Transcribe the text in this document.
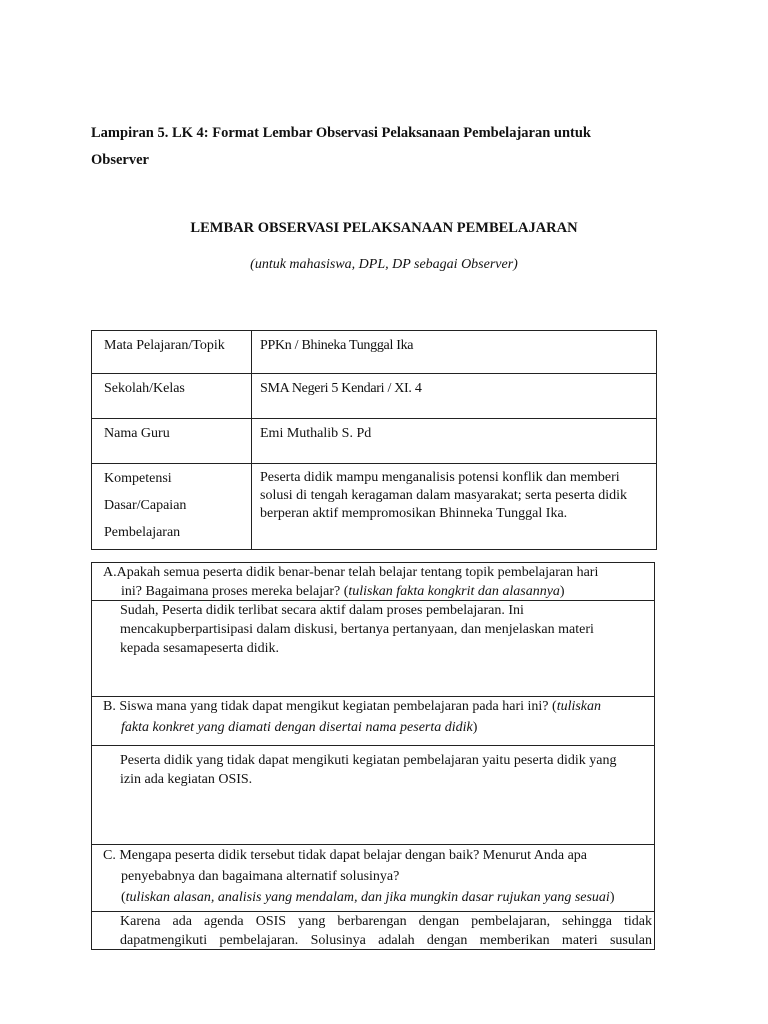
Lampiran 5. LK 4: Format Lembar Observasi Pelaksanaan Pembelajaran untuk
Observer
LEMBAR OBSERVASI PELAKSANAAN PEMBELAJARAN
(untuk mahasiswa, DPL, DP sebagai Observer)
Mata Pelajaran/Topik	PPKn / Bhineka Tunggal Ika
Sekolah/Kelas	SMA Negeri 5 Kendari / XI. 4
Nama Guru	Emi Muthalib S. Pd

Kompetensi
Dasar/Capaian
Pembelajaran	Peserta didik mampu menganalisis potensi konflik dan memberi solusi di tengah keragaman dalam masyarakat; serta peserta didik berperan aktif mempromosikan Bhinneka Tunggal Ika.
A.Apakah semua peserta didik benar-benar telah belajar tentang topik pembelajaran hari
ini? Bagaimana proses mereka belajar? (tuliskan fakta kongkrit dan alasannya)
Sudah, Peserta didik terlibat secara aktif dalam proses pembelajaran. Ini
mencakupberpartisipasi dalam diskusi, bertanya pertanyaan, dan menjelaskan materi
kepada sesamapeserta didik.
B. Siswa mana yang tidak dapat mengikut kegiatan pembelajaran pada hari ini? (tuliskan
fakta konkret yang diamati dengan disertai nama peserta didik)
Peserta didik yang tidak dapat mengikuti kegiatan pembelajaran yaitu peserta didik yang
izin ada kegiatan OSIS.
C. Mengapa peserta didik tersebut tidak dapat belajar dengan baik? Menurut Anda apa
penyebabnya dan bagaimana alternatif solusinya?
(tuliskan alasan, analisis yang mendalam, dan jika mungkin dasar rujukan yang sesuai)
Karena ada agenda OSIS yang berbarengan dengan pembelajaran, sehingga tidak
dapatmengikuti pembelajaran. Solusinya adalah dengan memberikan materi susulan
